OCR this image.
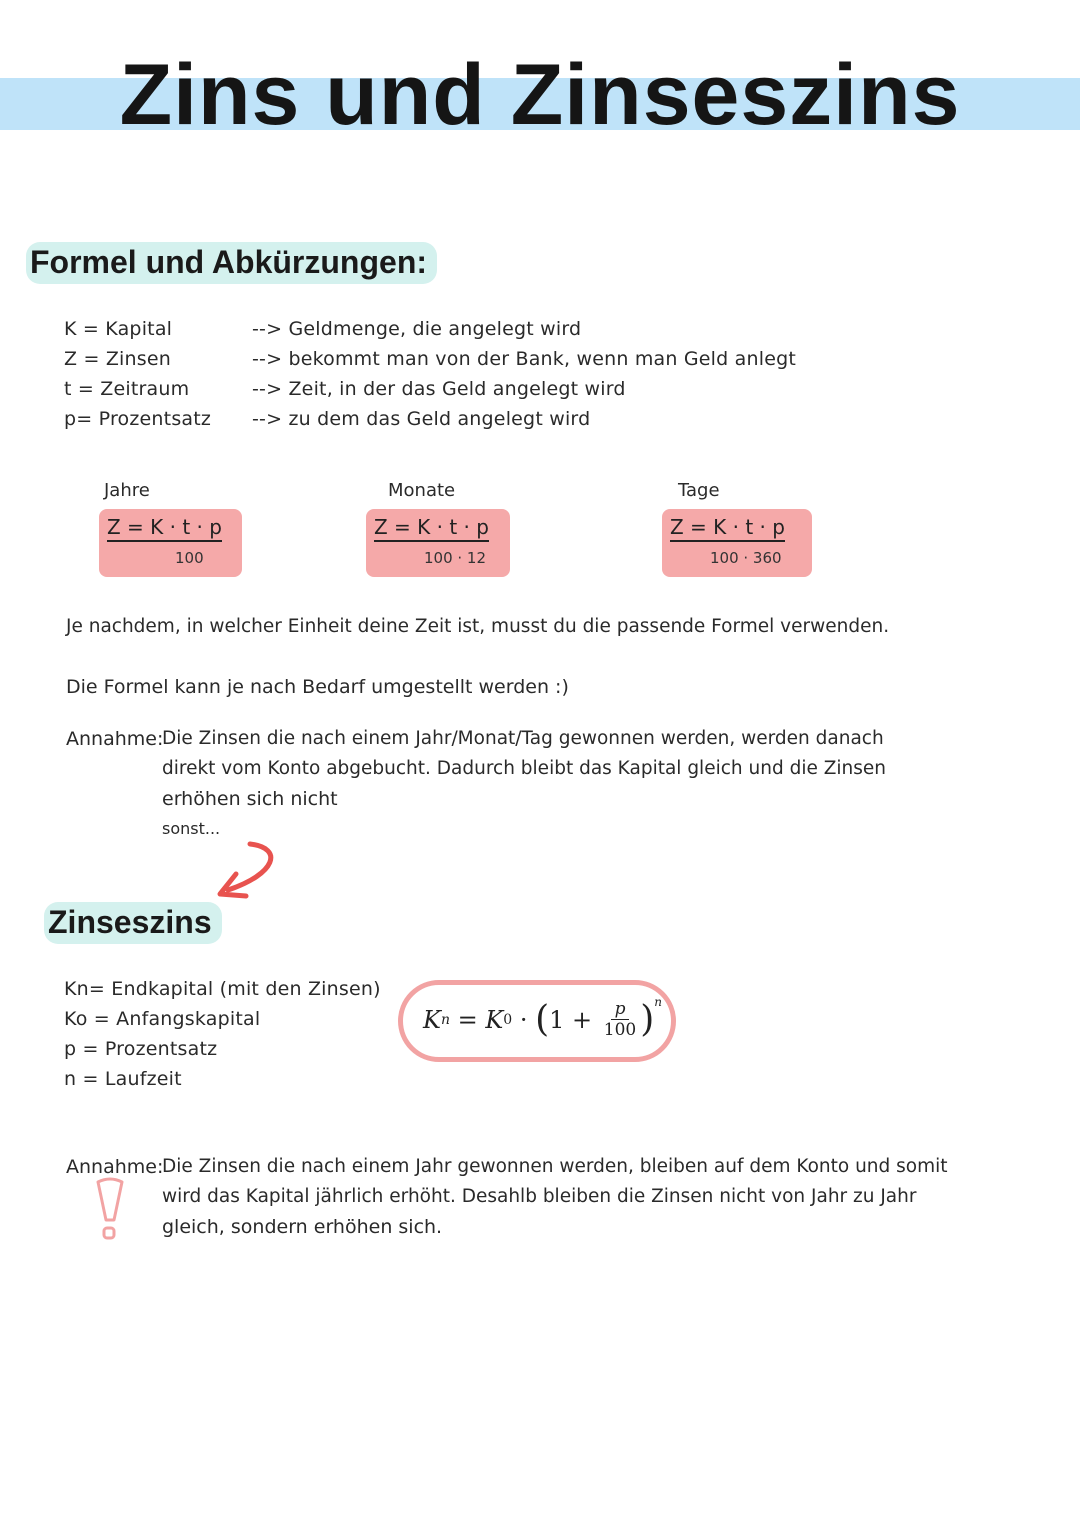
Zins und Zinseszins
Formel und Abkürzungen:
K = Kapital	--> Geldmenge, die angelegt wird
Z = Zinsen	--> bekommt man von der Bank, wenn man Geld anlegt
t = Zeitraum	--> Zeit, in der das Geld angelegt wird
p= Prozentsatz --> zu dem das Geld angelegt wird
Jahre	Monate	Tage
Z = K · t · p
100
Z = K · t · p
100 · 12
Z = K · t · p
100 · 360
Je nachdem, in welcher Einheit deine Zeit ist, musst du die passende Formel verwenden.
Die Formel kann je nach Bedarf umgestellt werden :)
Annahme:
Die Zinsen die nach einem Jahr/Monat/Tag gewonnen werden, werden danach
direkt vom Konto abgebucht. Dadurch bleibt das Kapital gleich und die Zinsen
erhöhen sich nicht
sonst...
Zinseszins
Kn= Endkapital (mit den Zinsen)
Ko = Anfangskapital
p = Prozentsatz
n = Laufzeit
K n = K 0 · ( $1 + \frac{p}{100}$ ) n
Annahme:
Die Zinsen die nach einem Jahr gewonnen werden, bleiben auf dem Konto und somit
wird das Kapital jährlich erhöht. Desahlb bleiben die Zinsen nicht von Jahr zu Jahr
gleich, sondern erhöhen sich.
